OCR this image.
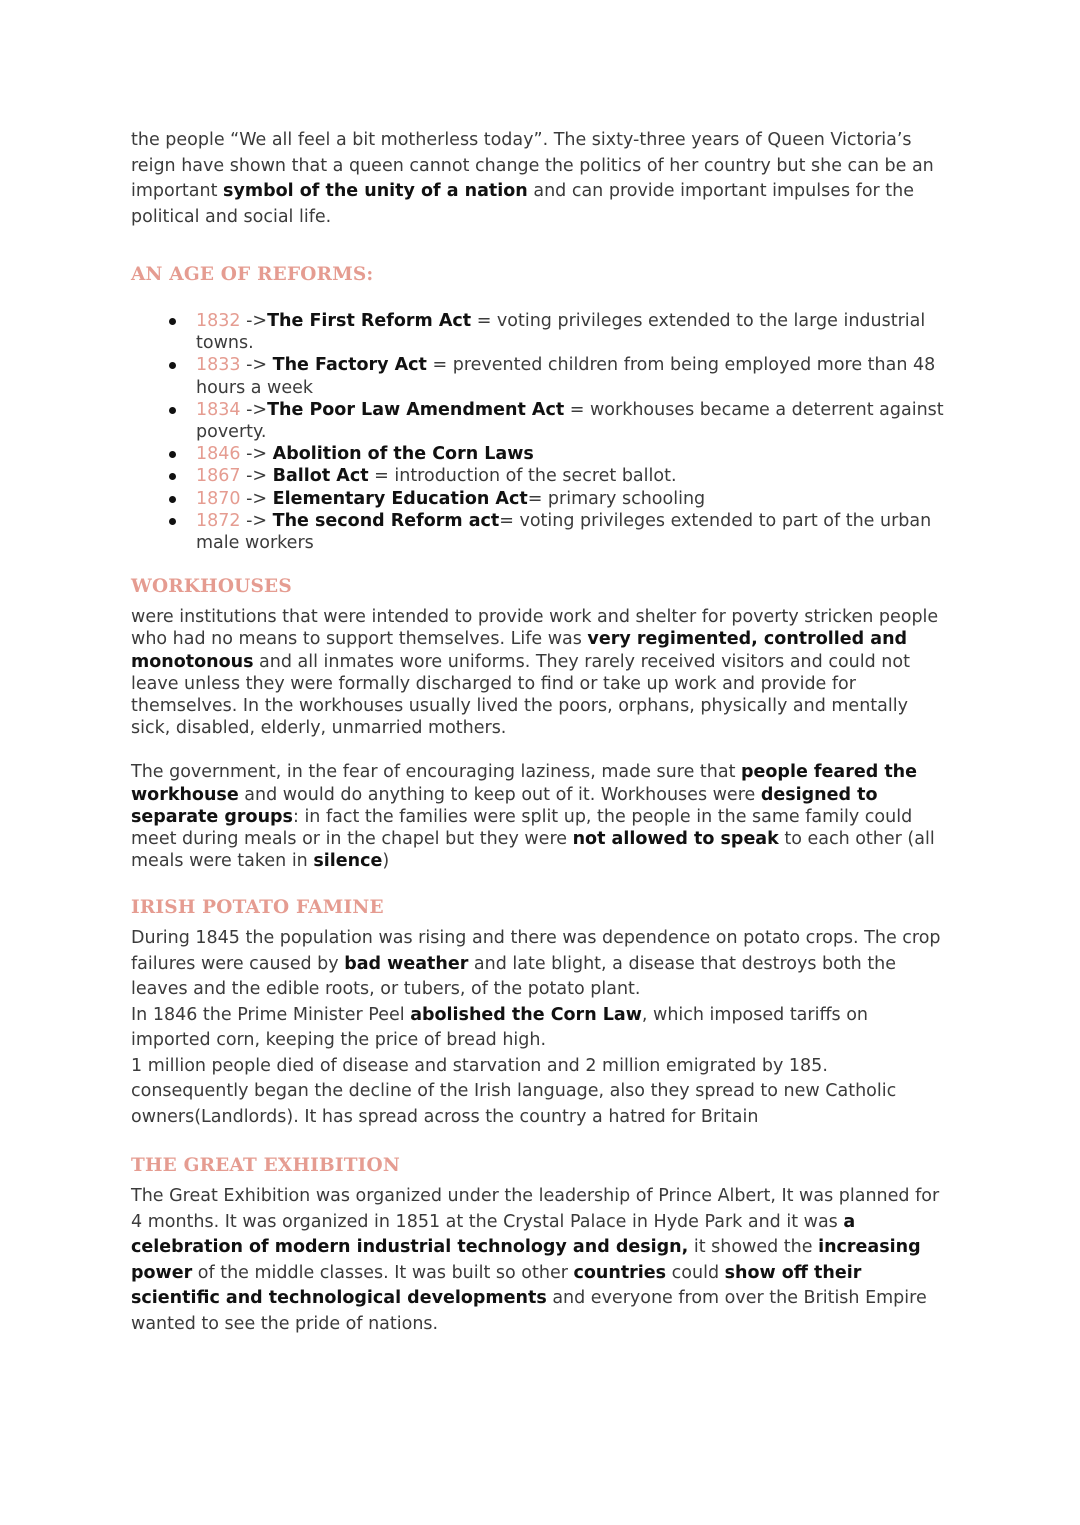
the people “We all feel a bit motherless today”. The sixty-three years of Queen Victoria’s reign have shown that a queen cannot change the politics of her country but she can be an important symbol of the unity of a nation and can provide important impulses for the political and social life.

AN AGE OF REFORMS:
1832 ->The First Reform Act = voting privileges extended to the large industrial towns.
1833 -> The Factory Act = prevented children from being employed more than 48 hours a week
1834 ->The Poor Law Amendment Act = workhouses became a deterrent against poverty.
1846 -> Abolition of the Corn Laws
1867 -> Ballot Act = introduction of the secret ballot.
1870 -> Elementary Education Act= primary schooling
1872 -> The second Reform act= voting privileges extended to part of the urban male workers
WORKHOUSES

were institutions that were intended to provide work and shelter for poverty stricken people who had no means to support themselves. Life was very regimented, controlled and monotonous and all inmates wore uniforms. They rarely received visitors and could not leave unless they were formally discharged to find or take up work and provide for themselves. In the workhouses usually lived the poors, orphans, physically and mentally sick, disabled, elderly, unmarried mothers.

The government, in the fear of encouraging laziness, made sure that people feared the workhouse and would do anything to keep out of it. Workhouses were designed to separate groups: in fact the families were split up, the people in the same family could meet during meals or in the chapel but they were not allowed to speak to each other (all meals were taken in silence)

IRISH POTATO FAMINE

During 1845 the population was rising and there was dependence on potato crops. The crop failures were caused by bad weather and late blight, a disease that destroys both the leaves and the edible roots, or tubers, of the potato plant.

In 1846 the Prime Minister Peel abolished the Corn Law, which imposed tariffs on imported corn, keeping the price of bread high.

1 million people died of disease and starvation and 2 million emigrated by 185.

consequently began the decline of the Irish language, also they spread to new Catholic owners(Landlords). It has spread across the country a hatred for Britain

THE GREAT EXHIBITION

The Great Exhibition was organized under the leadership of Prince Albert, It was planned for 4 months. It was organized in 1851 at the Crystal Palace in Hyde Park and it was a celebration of modern industrial technology and design, it showed the increasing power of the middle classes. It was built so other countries could show off their scientific and technological developments and everyone from over the British Empire wanted to see the pride of nations.
